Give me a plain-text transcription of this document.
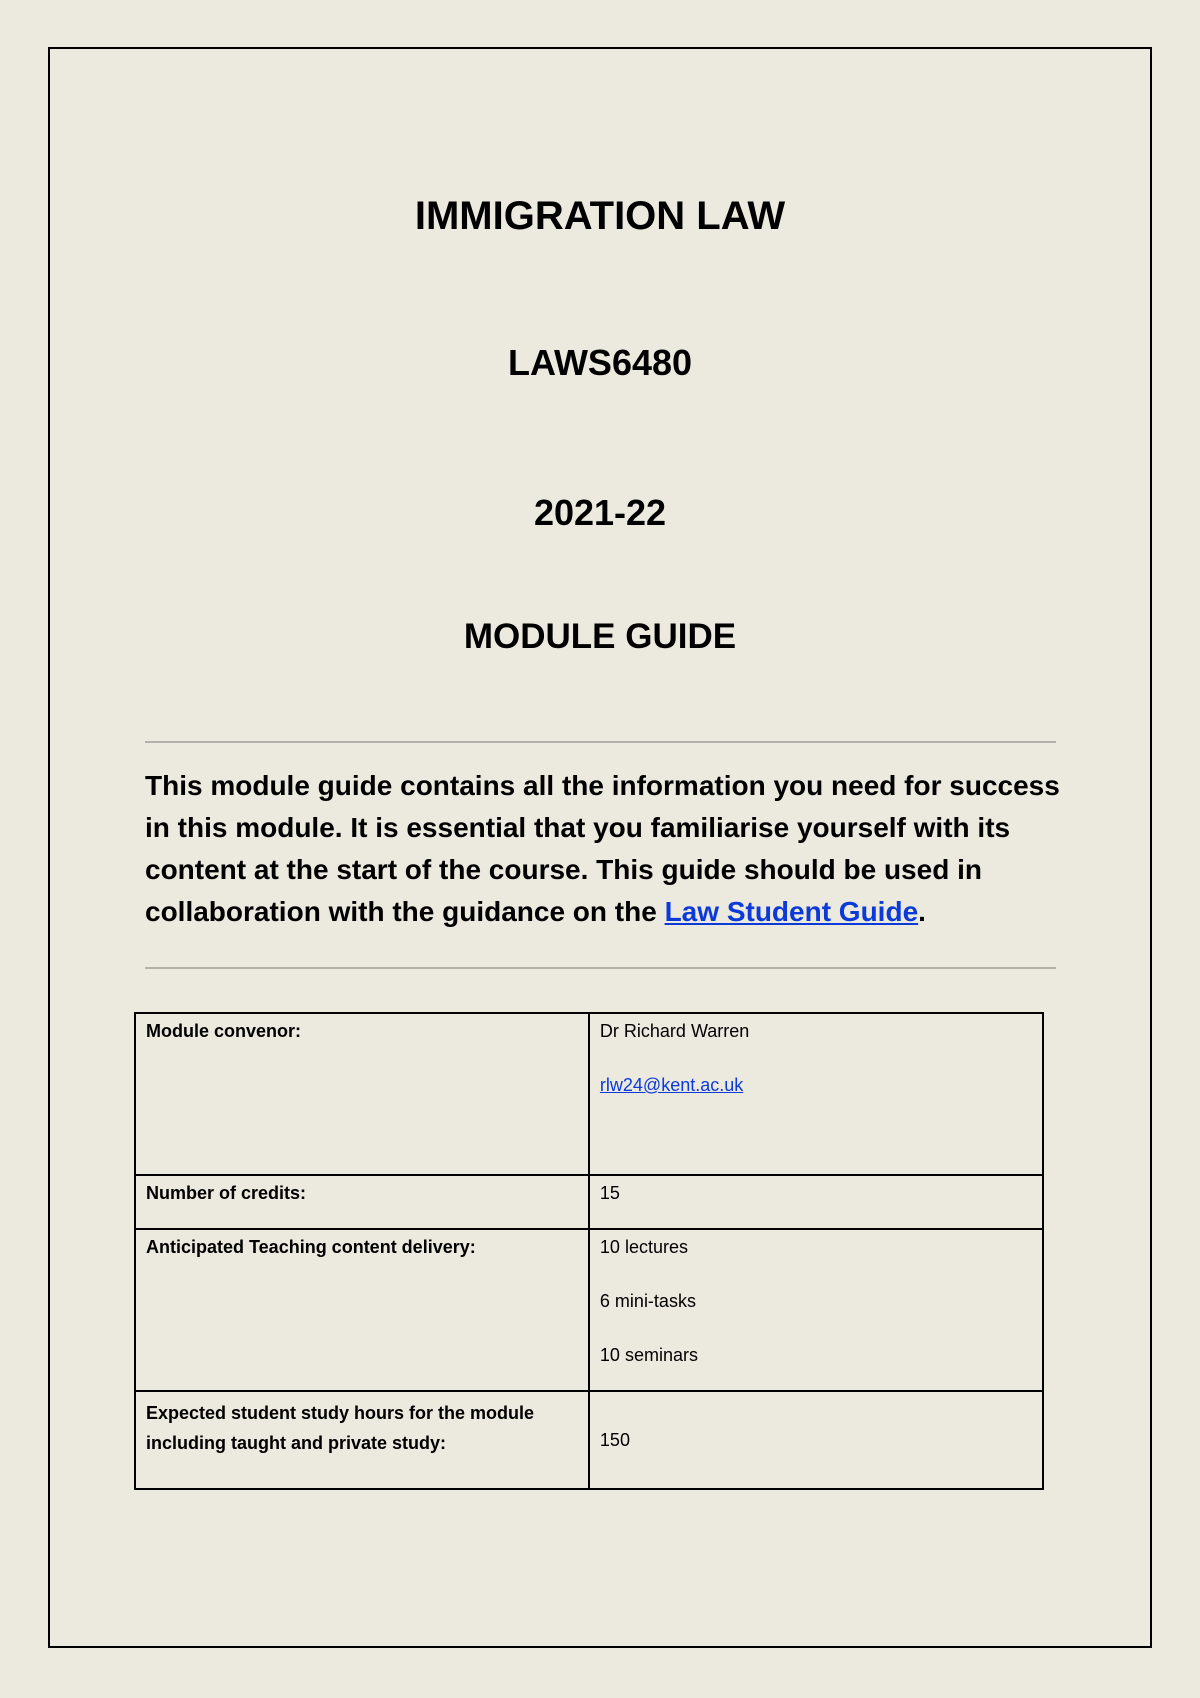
IMMIGRATION LAW
LAWS6480
2021-22
MODULE GUIDE
This module guide contains all the information you need for success in this module. It is essential that you familiarise yourself with its content at the start of the course. This guide should be used in collaboration with the guidance on the Law Student Guide.
Module convenor:	Dr Richard Warren
rlw24@kent.ac.uk

Number of credits:	15

Anticipated Teaching content delivery:	10 lectures
6 mini-tasks
10 seminars

Expected student study hours for the module including taught and private study:	150
